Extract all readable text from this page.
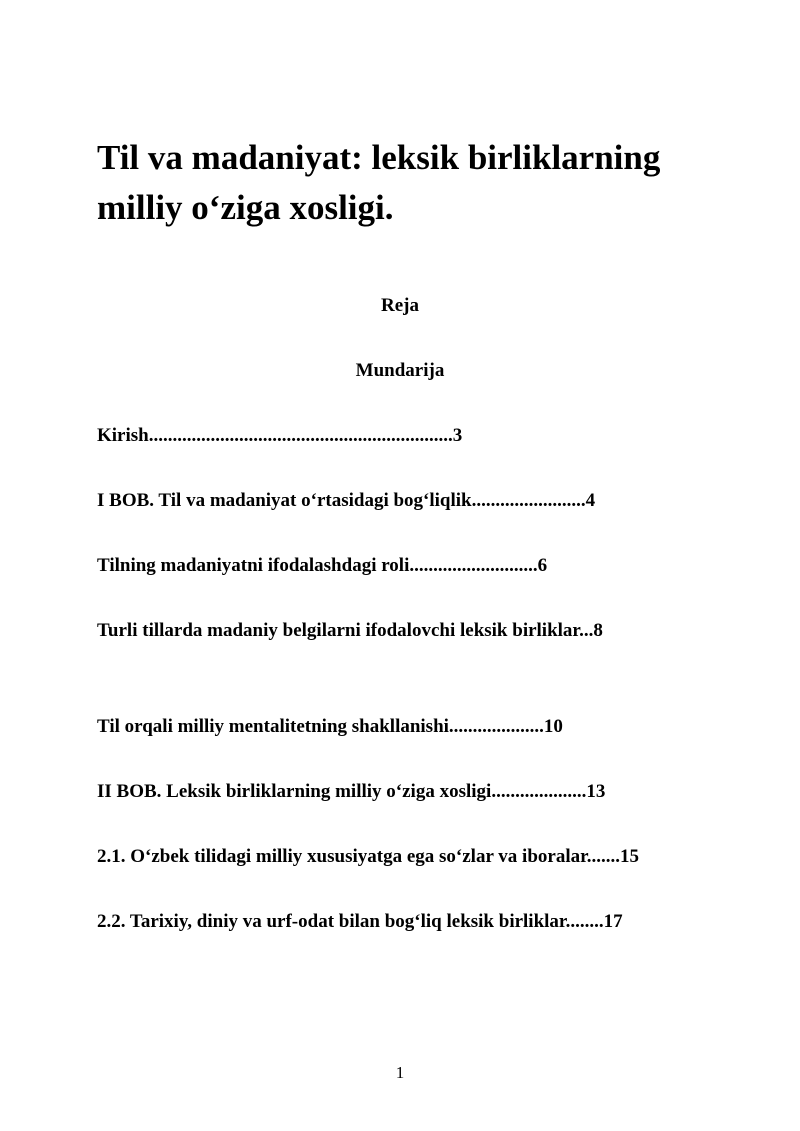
Til va madaniyat: leksik birliklarning milliy o‘ziga xosligi.

Reja

Mundarija

Kirish................................................................3
I BOB. Til va madaniyat o‘rtasidagi bog‘liqlik........................4
Tilning madaniyatni ifodalashdagi roli...........................6
Turli tillarda madaniy belgilarni ifodalovchi leksik birliklar...8
Til orqali milliy mentalitetning shakllanishi....................10
II BOB. Leksik birliklarning milliy o‘ziga xosligi....................13
2.1. O‘zbek tilidagi milliy xususiyatga ega so‘zlar va iboralar.......15
2.2. Tarixiy, diniy va urf-odat bilan bog‘liq leksik birliklar........17
1
